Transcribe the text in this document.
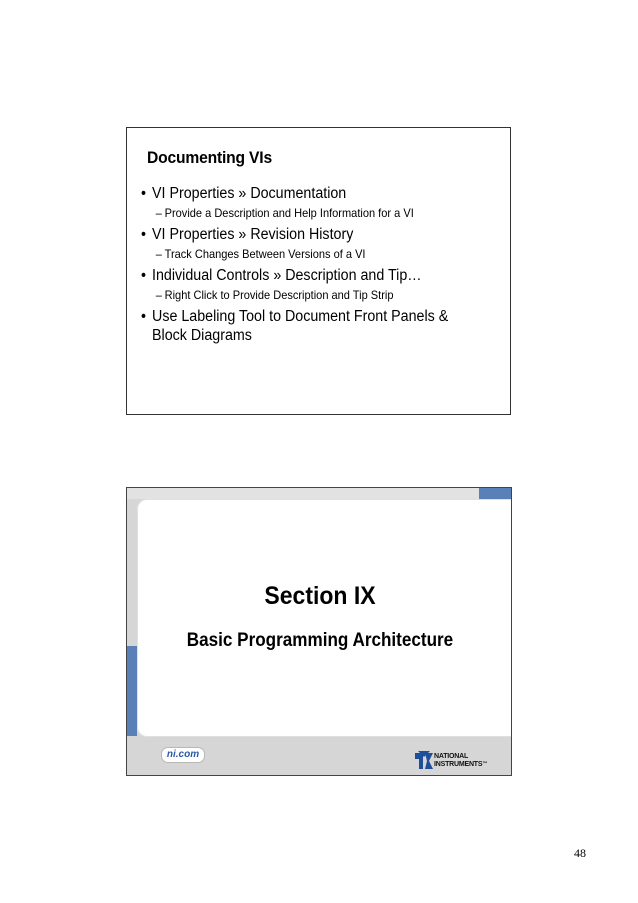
Documenting VIs
• VI Properties » Documentation
– Provide a Description and Help Information for a VI
• VI Properties » Revision History
– Track Changes Between Versions of a VI
• Individual Controls » Description and Tip…
– Right Click to Provide Description and Tip Strip
• Use Labeling Tool to Document Front Panels & Block Diagrams
Section IX
Basic Programming Architecture
ni.com	NATIONAL
INSTRUMENTS™
48
